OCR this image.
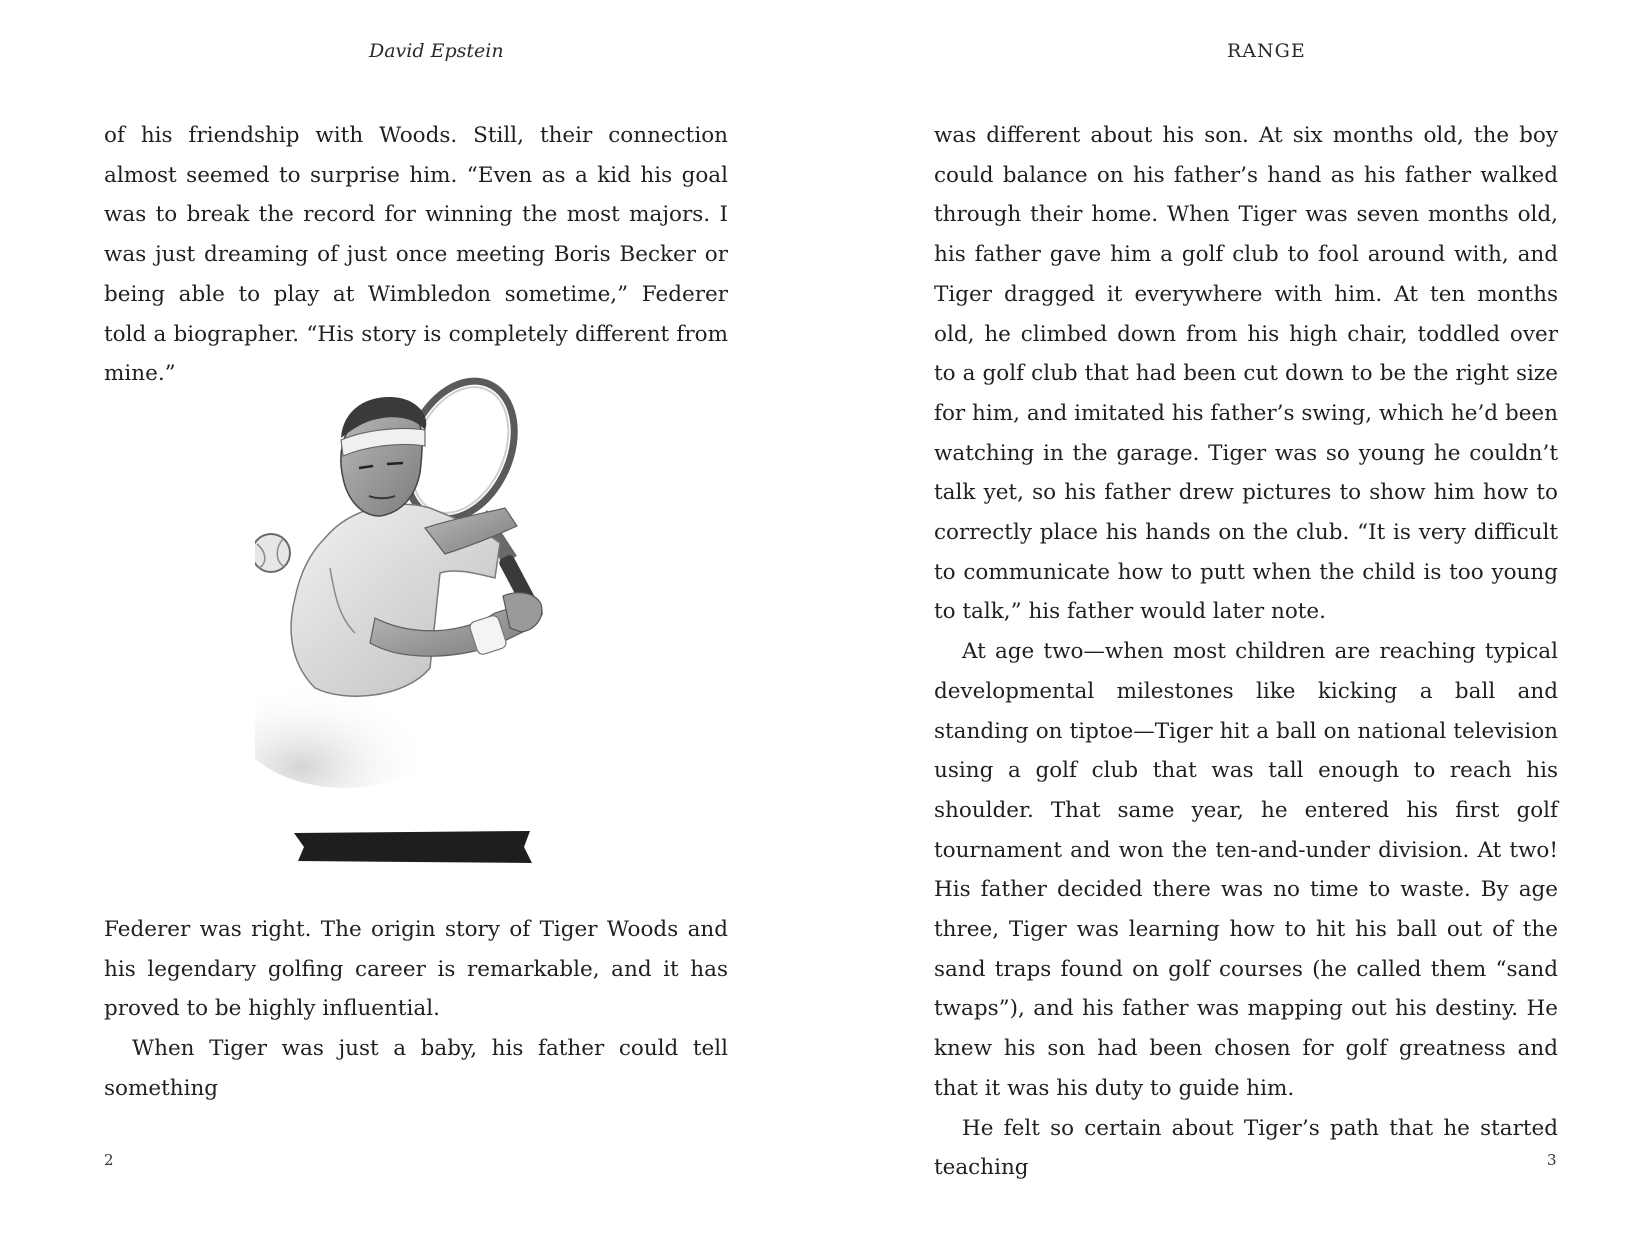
David Epstein

of his friendship with Woods. Still, their connection almost seemed to surprise him. “Even as a kid his goal was to break the record for winning the most majors. I was just dreaming of just once meeting Boris Becker or being able to play at Wimbledon sometime,” Federer told a biographer. “His story is completely different from mine.”

Federer was right. The origin story of Tiger Woods and his legendary golfing career is remarkable, and it has proved to be highly influential.

When Tiger was just a baby, his father could tell something

2
RANGE

was different about his son. At six months old, the boy could balance on his father’s hand as his father walked through their home. When Tiger was seven months old, his father gave him a golf club to fool around with, and Tiger dragged it everywhere with him. At ten months old, he climbed down from his high chair, toddled over to a golf club that had been cut down to be the right size for him, and imitated his father’s swing, which he’d been watching in the garage. Tiger was so young he couldn’t talk yet, so his father drew pictures to show him how to correctly place his hands on the club. “It is very difficult to communicate how to putt when the child is too young to talk,” his father would later note.

At age two—when most children are reaching typical developmental milestones like kicking a ball and standing on tiptoe—Tiger hit a ball on national television using a golf club that was tall enough to reach his shoulder. That same year, he entered his first golf tournament and won the ten-and-under division. At two! His father decided there was no time to waste. By age three, Tiger was learning how to hit his ball out of the sand traps found on golf courses (he called them “sand twaps”), and his father was mapping out his destiny. He knew his son had been chosen for golf greatness and that it was his duty to guide him.

He felt so certain about Tiger’s path that he started teaching	3
